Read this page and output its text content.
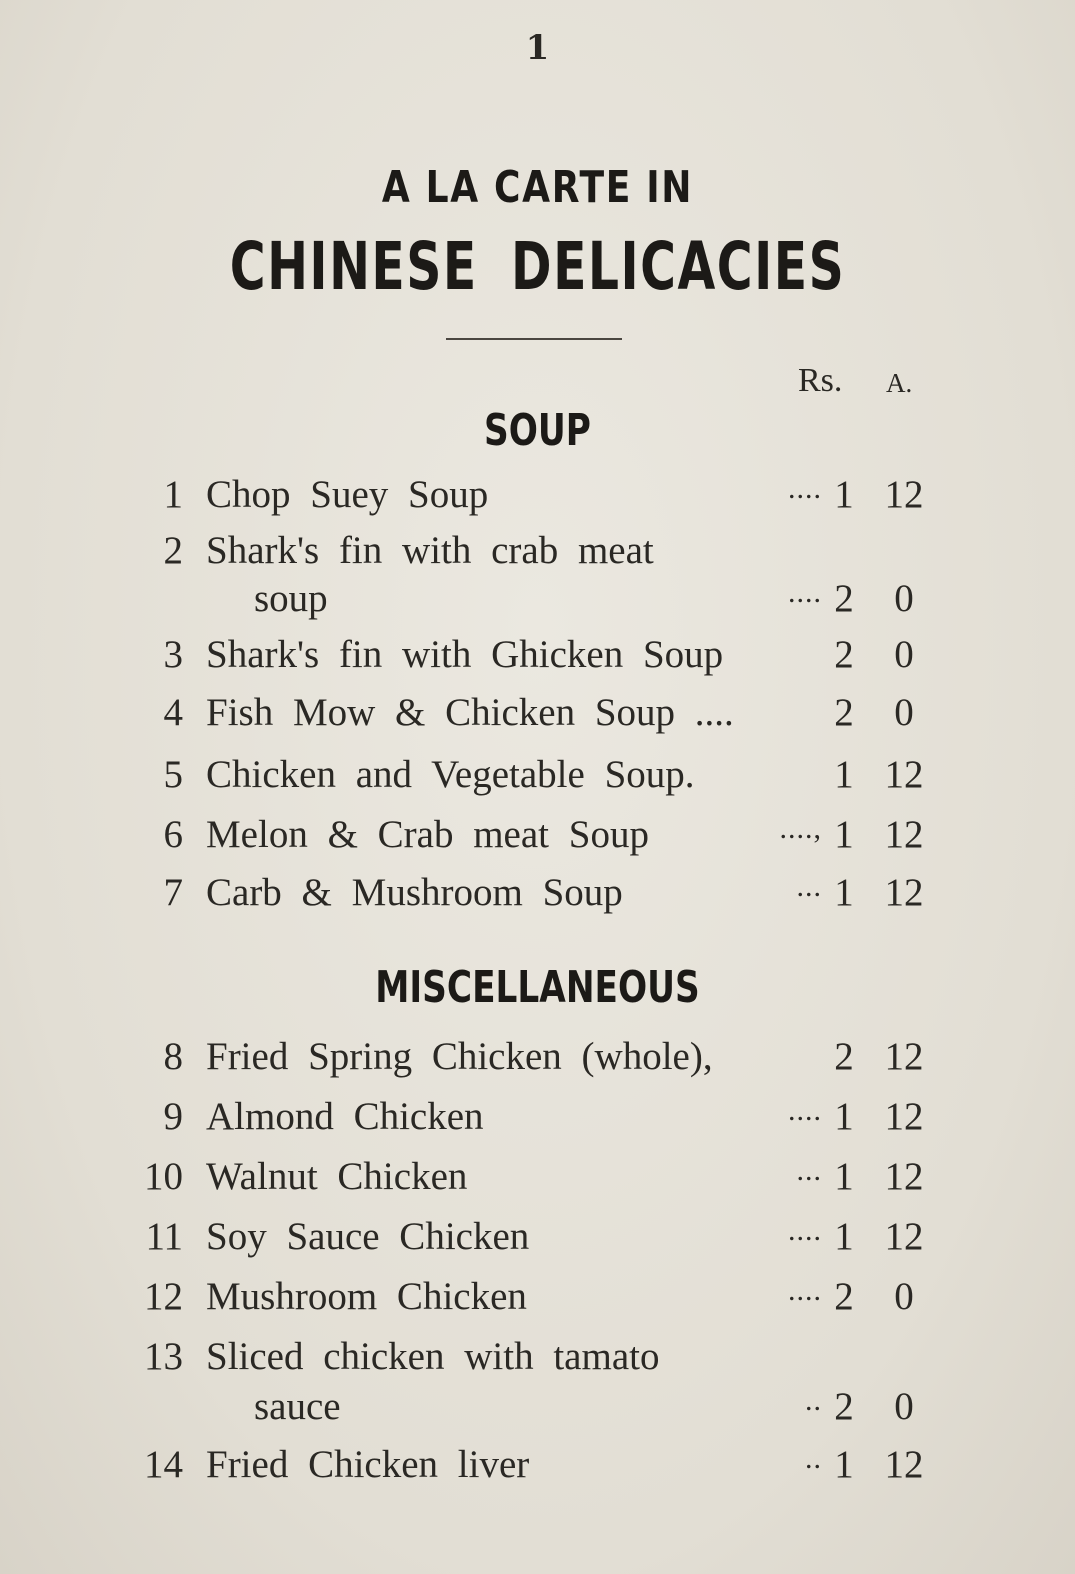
1
A LA CARTE IN
CHINESE DELICACIES
Rs. A.
SOUP
1 Chop Suey Soup	.... 1 12
2 Shark's fin with crab meat
soup	.... 2	0
3 Shark's fin with Ghicken Soup	2	0
4 Fish Mow & Chicken Soup ....	2	0
5 Chicken and Vegetable Soup.	1 12
6 Melon & Crab meat Soup	...., 1 12
7 Carb & Mushroom Soup	... 1 12
MISCELLANEOUS
8 Fried Spring Chicken (whole),	2 12
9 Almond Chicken	.... 1 12
10 Walnut Chicken	... 1 12
11 Soy Sauce Chicken	.... 1 12
12 Mushroom Chicken	.... 2	0
13 Sliced chicken with tamato
sauce	.. 2	0
14 Fried Chicken liver	.. 1 12
